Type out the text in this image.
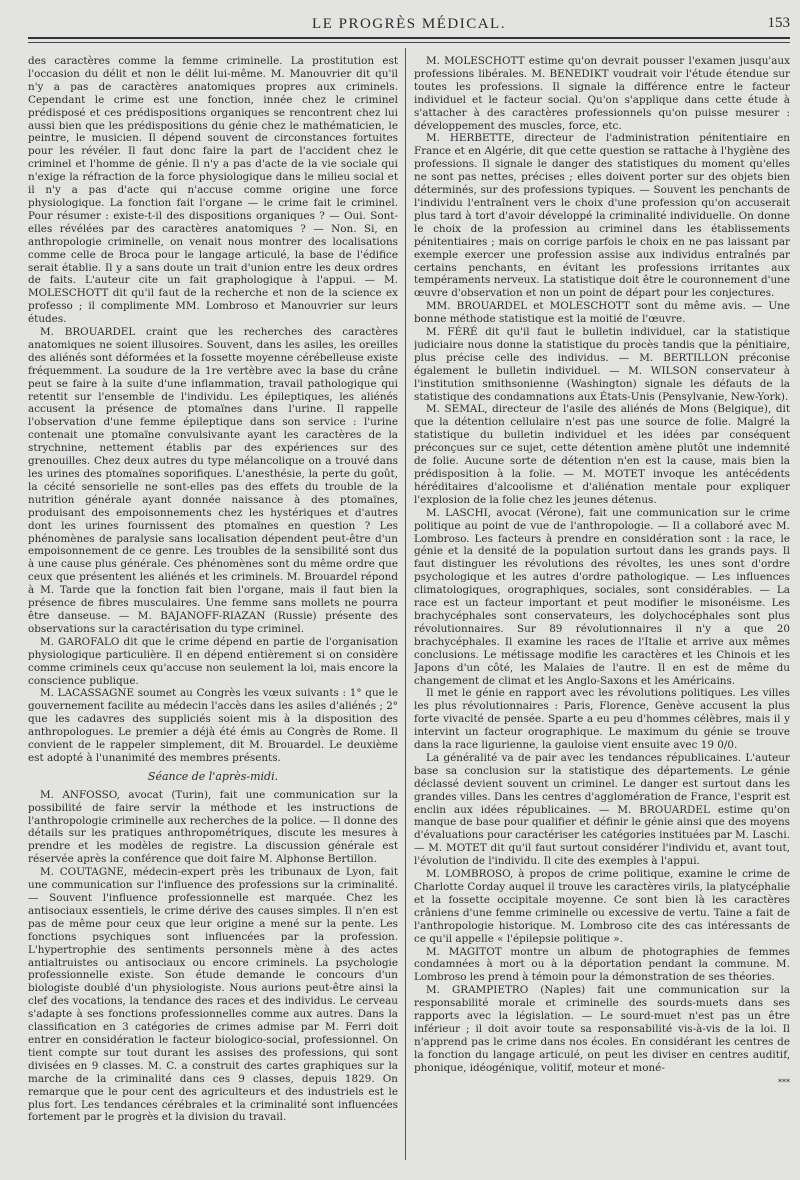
LE PROGRÈS MÉDICAL.	153

des caractères comme la femme criminelle. La prostitution est l'occasion du délit et non le délit lui-même. M. Manouvrier dit qu'il n'y a pas de caractères anatomiques propres aux criminels. Cependant le crime est une fonction, innée chez le criminel prédisposé et ces prédispositions organiques se rencontrent chez lui aussi bien que les prédispositions du génie chez le mathématicien, le peintre, le musicien. Il dépend souvent de circonstances fortuites pour les révéler. Il faut donc faire la part de l'accident chez le criminel et l'homme de génie. Il n'y a pas d'acte de la vie sociale qui n'exige la réfraction de la force physiologique dans le milieu social et il n'y a pas d'acte qui n'accuse comme origine une force physiologique. La fonction fait l'organe — le crime fait le criminel. Pour résumer : existe-t-il des dispositions organiques ? — Oui. Sont-elles révélées par des caractères anatomiques ? — Non. Si, en anthropologie criminelle, on venait nous montrer des localisations comme celle de Broca pour le langage articulé, la base de l'édifice serait établie. Il y a sans doute un trait d'union entre les deux ordres de faits. L'auteur cite un fait graphologique à l'appui. — M. MOLESCHOTT dit qu'il faut de la recherche et non de la science ex professo ; il complimente MM. Lombroso et Manouvrier sur leurs études.

M. BROUARDEL craint que les recherches des caractères anatomiques ne soient illusoires. Souvent, dans les asiles, les oreilles des aliénés sont déformées et la fossette moyenne cérébelleuse existe fréquemment. La soudure de la 1re vertèbre avec la base du crâne peut se faire à la suite d'une inflammation, travail pathologique qui retentit sur l'ensemble de l'individu. Les épileptiques, les aliénés accusent la présence de ptomaïnes dans l'urine. Il rappelle l'observation d'une femme épileptique dans son service : l'urine contenait une ptomaïne convulsivante ayant les caractères de la strychnine, nettement établis par des expériences sur des grenouilles. Chez deux autres du type mélancolique on a trouvé dans les urines des ptomaïnes soporifiques. L'anesthésie, la perte du goût, la cécité sensorielle ne sont-elles pas des effets du trouble de la nutrition générale ayant donnée naissance à des ptomaïnes, produisant des empoisonnements chez les hystériques et d'autres dont les urines fournissent des ptomaïnes en question ? Les phénomènes de paralysie sans localisation dépendent peut-être d'un empoisonnement de ce genre. Les troubles de la sensibilité sont dus à une cause plus générale. Ces phénomènes sont du même ordre que ceux que présentent les aliénés et les criminels. M. Brouardel répond à M. Tarde que la fonction fait bien l'organe, mais il faut bien la présence de fibres musculaires. Une femme sans mollets ne pourra être danseuse. — M. BAJANOFF-RIAZAN (Russie) présente des observations sur la caractérisation du type criminel.

M. GAROFALO dit que le crime dépend en partie de l'organisation physiologique particulière. Il en dépend entièrement si on considère comme criminels ceux qu'accuse non seulement la loi, mais encore la conscience publique.

M. LACASSAGNE soumet au Congrès les vœux suivants : 1° que le gouvernement facilite au médecin l'accès dans les asiles d'aliénés ; 2° que les cadavres des suppliciés soient mis à la disposition des anthropologues. Le premier a déjà été émis au Congrès de Rome. Il convient de le rappeler simplement, dit M. Brouardel. Le deuxième est adopté à l'unanimité des membres présents.

Séance de l'après-midi.

M. ANFOSSO, avocat (Turin), fait une communication sur la possibilité de faire servir la méthode et les instructions de l'anthropologie criminelle aux recherches de la police. — Il donne des détails sur les pratiques anthropométriques, discute les mesures à prendre et les modèles de registre. La discussion générale est réservée après la conférence que doit faire M. Alphonse Bertillon.

M. COUTAGNE, médecin-expert près les tribunaux de Lyon, fait une communication sur l'influence des professions sur la criminalité. — Souvent l'influence professionnelle est marquée. Chez les antisociaux essentiels, le crime dérive des causes simples. Il n'en est pas de même pour ceux que leur origine a mené sur la pente. Les fonctions psychiques sont influencées par la profession. L'hypertrophie des sentiments personnels mène à des actes antialtruistes ou antisociaux ou encore criminels. La psychologie professionnelle existe. Son étude demande le concours d'un biologiste doublé d'un physiologiste. Nous aurions peut-être ainsi la clef des vocations, la tendance des races et des individus. Le cerveau s'adapte à ses fonctions professionnelles comme aux autres. Dans la classification en 3 catégories de crimes admise par M. Ferri doit entrer en considération le facteur biologico-social, professionnel. On tient compte sur tout durant les assises des professions, qui sont divisées en 9 classes. M. C. a construit des cartes graphiques sur la marche de la criminalité dans ces 9 classes, depuis 1829. On remarque que le pour cent des agriculteurs et des industriels est le plus fort. Les tendances cérébrales et la criminalité sont influencées fortement par le progrès et la division du travail.

M. MOLESCHOTT estime qu'on devrait pousser l'examen jusqu'aux professions libérales. M. BENEDIKT voudrait voir l'étude étendue sur toutes les professions. Il signale la différence entre le facteur individuel et le facteur social. Qu'on s'applique dans cette étude à s'attacher à des caractères professionnels qu'on puisse mesurer : développement des muscles, force, etc.

M. HERBETTE, directeur de l'administration pénitentiaire en France et en Algérie, dit que cette question se rattache à l'hygiène des professions. Il signale le danger des statistiques du moment qu'elles ne sont pas nettes, précises ; elles doivent porter sur des objets bien déterminés, sur des professions typiques. — Souvent les penchants de l'individu l'entraînent vers le choix d'une profession qu'on accuserait plus tard à tort d'avoir développé la criminalité individuelle. On donne le choix de la profession au criminel dans les établissements pénitentiaires ; mais on corrige parfois le choix en ne pas laissant par exemple exercer une profession assise aux individus entraînés par certains penchants, en évitant les professions irritantes aux tempéraments nerveux. La statistique doit être le couronnement d'une œuvre d'observation et non un point de départ pour les conjectures.

MM. BROUARDEL et MOLESCHOTT sont du même avis. — Une bonne méthode statistique est la moitié de l'œuvre.

M. FÉRÉ dit qu'il faut le bulletin individuel, car la statistique judiciaire nous donne la statistique du procès tandis que la pénitiaire, plus précise celle des individus. — M. BERTILLON préconise également le bulletin individuel. — M. WILSON conservateur à l'institution smithsonienne (Washington) signale les défauts de la statistique des condamnations aux États-Unis (Pensylvanie, New-York).

M. SEMAL, directeur de l'asile des aliénés de Mons (Belgique), dit que la détention cellulaire n'est pas une source de folie. Malgré la statistique du bulletin individuel et les idées par conséquent préconçues sur ce sujet, cette détention amène plutôt une indemnité de folie. Aucune sorte de détention n'en est la cause, mais bien la prédisposition à la folie. — M. MOTET invoque les antécédents héréditaires d'alcoolisme et d'aliénation mentale pour expliquer l'explosion de la folie chez les jeunes détenus.

M. LASCHI, avocat (Vérone), fait une communication sur le crime politique au point de vue de l'anthropologie. — Il a collaboré avec M. Lombroso. Les facteurs à prendre en considération sont : la race, le génie et la densité de la population surtout dans les grands pays. Il faut distinguer les révolutions des révoltes, les unes sont d'ordre psychologique et les autres d'ordre pathologique. — Les influences climatologiques, orographiques, sociales, sont considérables. — La race est un facteur important et peut modifier le misonéisme. Les brachycéphales sont conservateurs, les dolychocéphales sont plus révolutionnaires. Sur 89 révolutionnaires il n'y a que 20 brachycéphales. Il examine les races de l'Italie et arrive aux mêmes conclusions. Le métissage modifie les caractères et les Chinois et les Japons d'un côté, les Malaies de l'autre. Il en est de même du changement de climat et les Anglo-Saxons et les Américains.

Il met le génie en rapport avec les révolutions politiques. Les villes les plus révolutionnaires : Paris, Florence, Genève accusent la plus forte vivacité de pensée. Sparte a eu peu d'hommes célèbres, mais il y intervint un facteur orographique. Le maximum du génie se trouve dans la race ligurienne, la gauloise vient ensuite avec 19 0/0.

La généralité va de pair avec les tendances républicaines. L'auteur base sa conclusion sur la statistique des départements. Le génie déclassé devient souvent un criminel. Le danger est surtout dans les grandes villes. Dans les centres d'agglomération de France, l'esprit est enclin aux idées républicaines. — M. BROUARDEL estime qu'on manque de base pour qualifier et définir le génie ainsi que des moyens d'évaluations pour caractériser les catégories instituées par M. Laschi. — M. MOTET dit qu'il faut surtout considérer l'individu et, avant tout, l'évolution de l'individu. Il cite des exemples à l'appui.

M. LOMBROSO, à propos de crime politique, examine le crime de Charlotte Corday auquel il trouve les caractères virils, la platycéphalie et la fossette occipitale moyenne. Ce sont bien là les caractères crâniens d'une femme criminelle ou excessive de vertu. Taine a fait de l'anthropologie historique. M. Lombroso cite des cas intéressants de ce qu'il appelle « l'épilepsie politique ».

M. MAGITOT montre un album de photographies de femmes condamnées à mort ou à la déportation pendant la commune. M. Lombroso les prend à témoin pour la démonstration de ses théories.

M. GRAMPIETRO (Naples) fait une communication sur la responsabilité morale et criminelle des sourds-muets dans ses rapports avec la législation. — Le sourd-muet n'est pas un être inférieur ; il doit avoir toute sa responsabilité vis-à-vis de la loi. Il n'apprend pas le crime dans nos écoles. En considérant les centres de la fonction du langage articulé, on peut les diviser en centres auditif, phonique, idéogénique, volitif, moteur et moné-

***
